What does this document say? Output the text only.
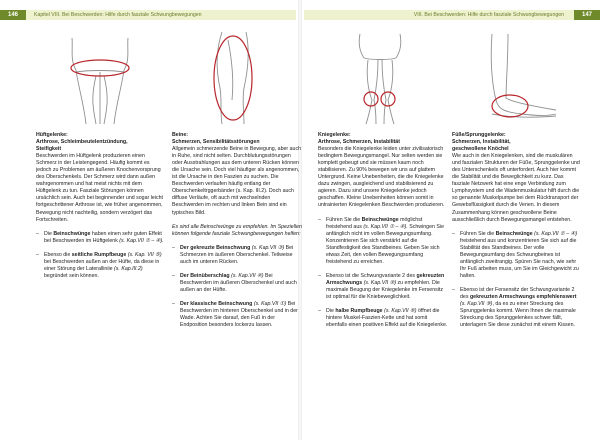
146	147
Kapitel VIII. Bei Beschwerden: Hilfe durch fasziale Schwungbewegungen	VIII. Bei Beschwerden: Hilfe durch fasziale Schwungbewegungen
Hüftgelenke:
Arthrose, Schleimbeutelentzündung,
Steifigkeit

Beschwerden im Hüftgelenk produzieren einen Schmerz in der Leistengegend. Häufig kommt es jedoch zu Problemen am äußeren Knochenvorsprung des Oberschenkels. Der Schmerz wird dann außen wahrgenommen und hat meist nichts mit dem Hüftgelenk zu tun. Fasziale Störungen können ursächlich sein. Auch bei beginnender und sogar leicht fortgeschrittener Arthrose ist, wie früher angenommen, Bewegung nicht nachteilig, sondern verzögert das Fortschreiten.

– Die Beinschwünge haben einen sehr guten Effekt bei Beschwerden im Hüftgelenk (s. Kap.VII ① – ④).
– Ebenso die seitliche Rumpfbeuge (s. Kap. VII ⑤) bei Beschwerden außen an der Hüfte, da diese in einer Störung der Lateralliniie (s. Kap.III.2) begründet sein können.
Beine:
Schmerzen, Sensibilitätsstörungen

Allgemein schmerzende Beine in Bewegung, aber auch in Ruhe, sind nicht selten. Durchblutungsstörungen oder Ausstrahlungen aus dem unteren Rücken können die Ursache sein. Doch viel häufiger als angenommen, ist die Ursache in den Faszien zu suchen. Die Beschwerden verlaufen häufig entlang der Oberschenkeltrggerbänder (s. Kap. III.2). Doch auch diffuse Verläufe, oft auch mit wechselnden Beschwerden im rechten und linken Bein sind ein typisches Bild.

Es sind alle Beinschwünge zu empfehlen. Im Speziellen können folgende fasziale Schwungbewegungen helfen:

– Der gekreuzte Beinschwung (s. Kap.VII ③) Bei Schmerzen im äußeren Oberschenkel. Teilweise auch im unteren Rücken.
– Der Beinüberschlag (s. Kap.VII ④) Bei Beschwerden im äußeren Oberschenkel und auch außen an der Hüfte.
– Der klassische Beinschwung (s. Kap.VII ①) Bei Beschwerden im hinteren Oberschenkel und in der Wade. Achten Sie darauf, den Fuß in der Endposition besonders lockerzu lassen.
Kniegelenke:
Arthrose, Schmerzen, Instabilität

Besonders die Kniegelenke leiden unter zivilisatorisch bedingtem Bewegungsmangel. Nur selten werden sie komplett gebeugt und sie müssen kaum noch stabilisieren. Zu 90% bewegen wir uns auf glattem Untergrund. Keine Unebenheiten, die die Kniegelenke dazu zwingen, ausgleichend und stabilisierend zu agieren. Dazu sind unsere Kniegelenke jedoch geschaffen. Kleine Unebenheiten können somit in untrainierten Kniegelenken Beschwerden produzieren.

– Führen Sie die Beinschwünge möglichst freistehend aus (s. Kap.VII ① – ④). Schwingen Sie anfänglich nicht im vollen Bewegungsumfang. Konzentrieren Sie sich verstärkt auf die Standfestigkeit des Standbeines. Geben Sie sich etwas Zeit, den vollen Bewegungsumfang freistehend zu erreichen.
– Ebenso ist die Schwungvariante 2 des gekreuzten Armschwungs (s. Kap.VII ⑨) zu empfehlen. Die maximale Beugung der Kniegelenke im Fersensitz ist optimal für die Kniebeweglichkeit.
– Die halbe Rumpfbeuge (s. Kap.VII ⑥) öffnet die hintere Muskel-Faszien-Kette und hat somit ebenfalls einen positiven Effekt auf die Kniegelenke.
Füße/Sprunggelenke:
Schmerzen, Instabilität,
geschwollene Knöchel

Wie auch in den Kniegelenken, sind die muskulären und faszialen Strukturen der Füße, Sprunggelenke und des Unterschenkels oft unterfordert. Auch hier kommt die Stabilität und die Beweglichkeit zu kurz. Das fasziale Netzwerk hat eine enge Verbindung zum Lymphsystem und die Wadenmuskulatur hilft durch die so genannte Muskelpumpe bei dem Rücktransport der Gewebsflüssigkeit durch die Venen. In diesem Zusammenhang können geschwollene Beine ausschließlich durch Bewegungsmangel entstehen.

– Führen Sie die Beinschwünge (s. Kap.VII ① – ④) freistehend aus und konzentrieren Sie sich auf die Stabilität des Standbeines. Der volle Bewegungsumfang des Schwungbeines ist anfänglich zweitrangig. Spüren Sie nach, wie sehr Ihr Fuß arbeiten muss, um Sie im Gleichgewicht zu halten.
– Ebenso ist der Fersensitz der Schwungvariante 2 des gekreuzten Armschwungs empfehlenswert (s. Kap.VII ⑨), da es zu einer Streckung des Sprunggelenks kommt. Wenn Ihnen die maximale Streckung des Sprunggelenkes schwer fällt, unterlagern Sie diese zunächst mit einem Kissen.
